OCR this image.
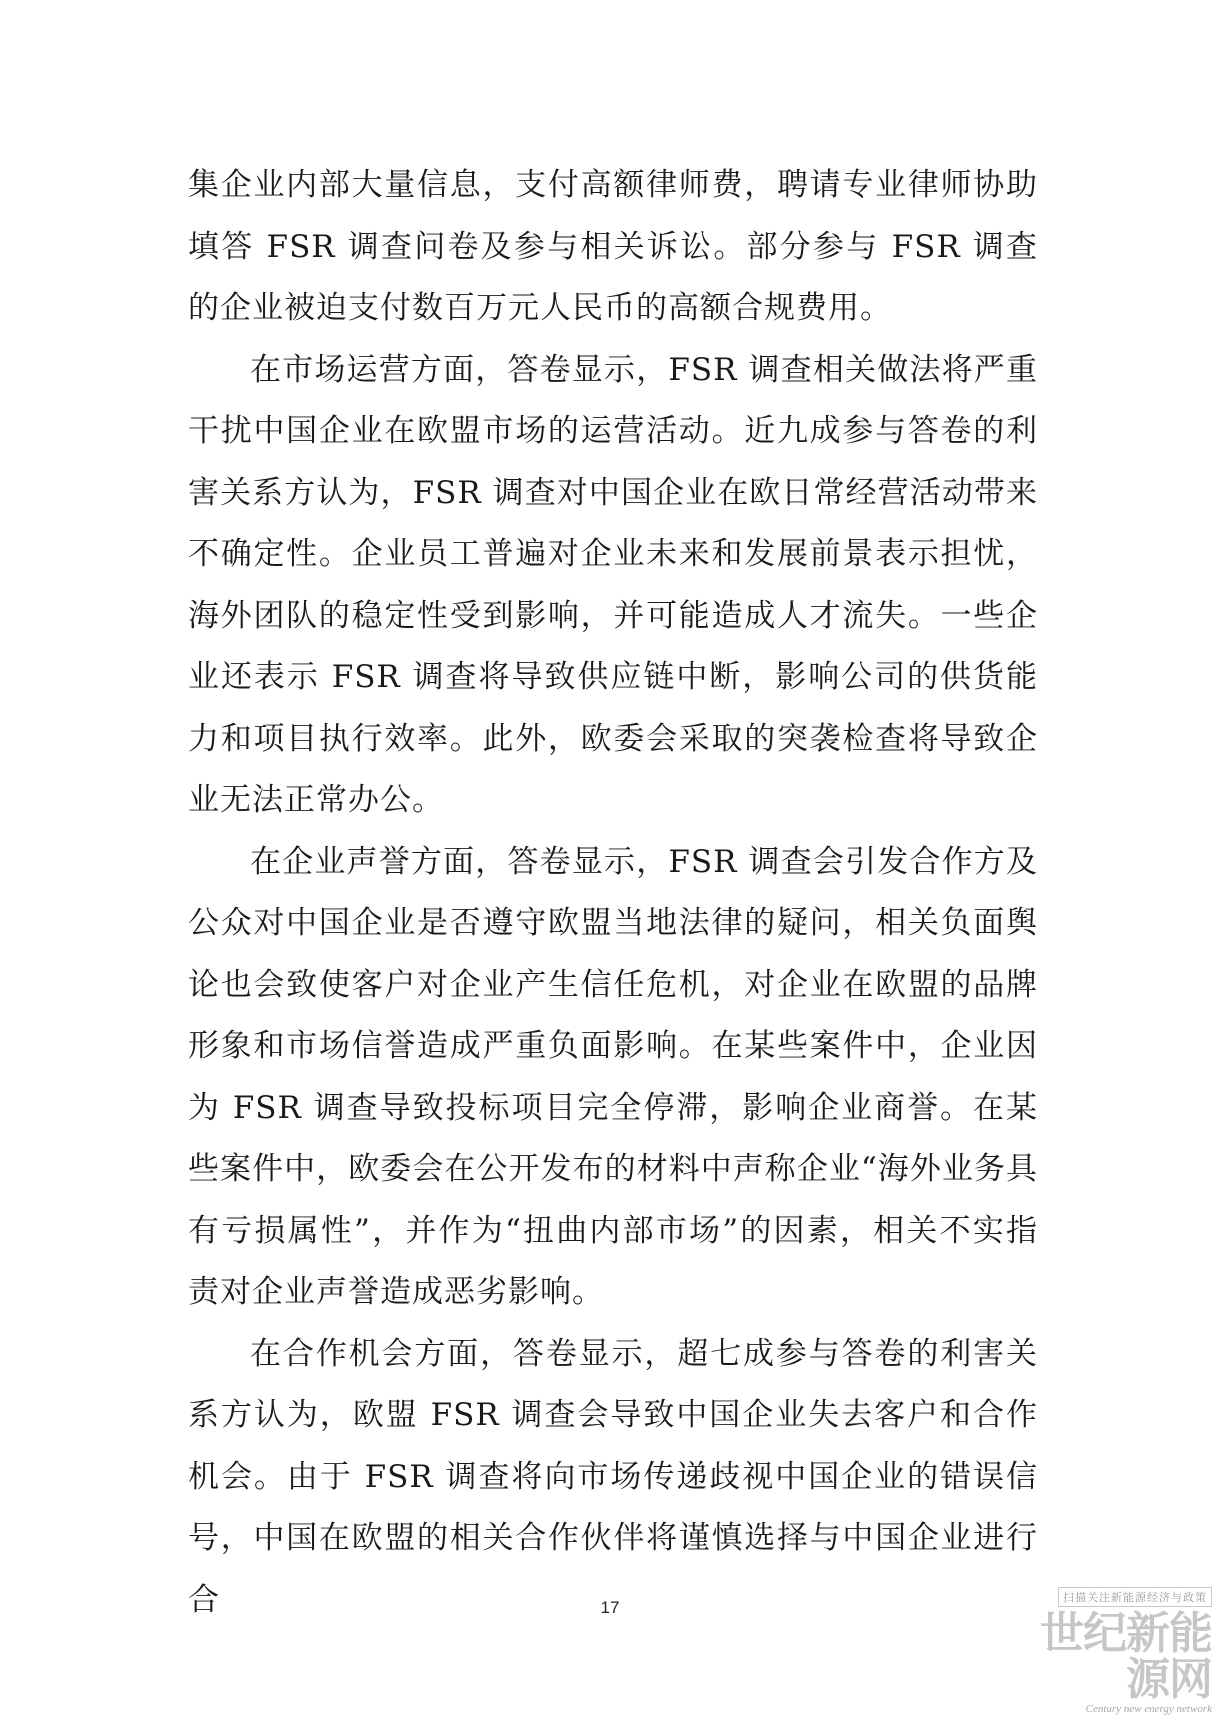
集企业内部大量信息，支付高额律师费，聘请专业律师协助填答 FSR 调查问卷及参与相关诉讼。部分参与 FSR 调查的企业被迫支付数百万元人民币的高额合规费用。

在市场运营方面，答卷显示，FSR 调查相关做法将严重干扰中国企业在欧盟市场的运营活动。近九成参与答卷的利害关系方认为，FSR 调查对中国企业在欧日常经营活动带来不确定性。企业员工普遍对企业未来和发展前景表示担忧，海外团队的稳定性受到影响，并可能造成人才流失。一些企业还表示 FSR 调查将导致供应链中断，影响公司的供货能力和项目执行效率。此外，欧委会采取的突袭检查将导致企业无法正常办公。

在企业声誉方面，答卷显示，FSR 调查会引发合作方及公众对中国企业是否遵守欧盟当地法律的疑问，相关负面舆论也会致使客户对企业产生信任危机，对企业在欧盟的品牌形象和市场信誉造成严重负面影响。在某些案件中，企业因为 FSR 调查导致投标项目完全停滞，影响企业商誉。在某些案件中，欧委会在公开发布的材料中声称企业“海外业务具有亏损属性”，并作为“扭曲内部市场”的因素，相关不实指责对企业声誉造成恶劣影响。

在合作机会方面，答卷显示，超七成参与答卷的利害关系方认为，欧盟 FSR 调查会导致中国企业失去客户和合作机会。由于 FSR 调查将向市场传递歧视中国企业的错误信号，中国在欧盟的相关合作伙伴将谨慎选择与中国企业进行合	17
扫描关注新能源经济与政策
世纪新能源网
Century new energy network
